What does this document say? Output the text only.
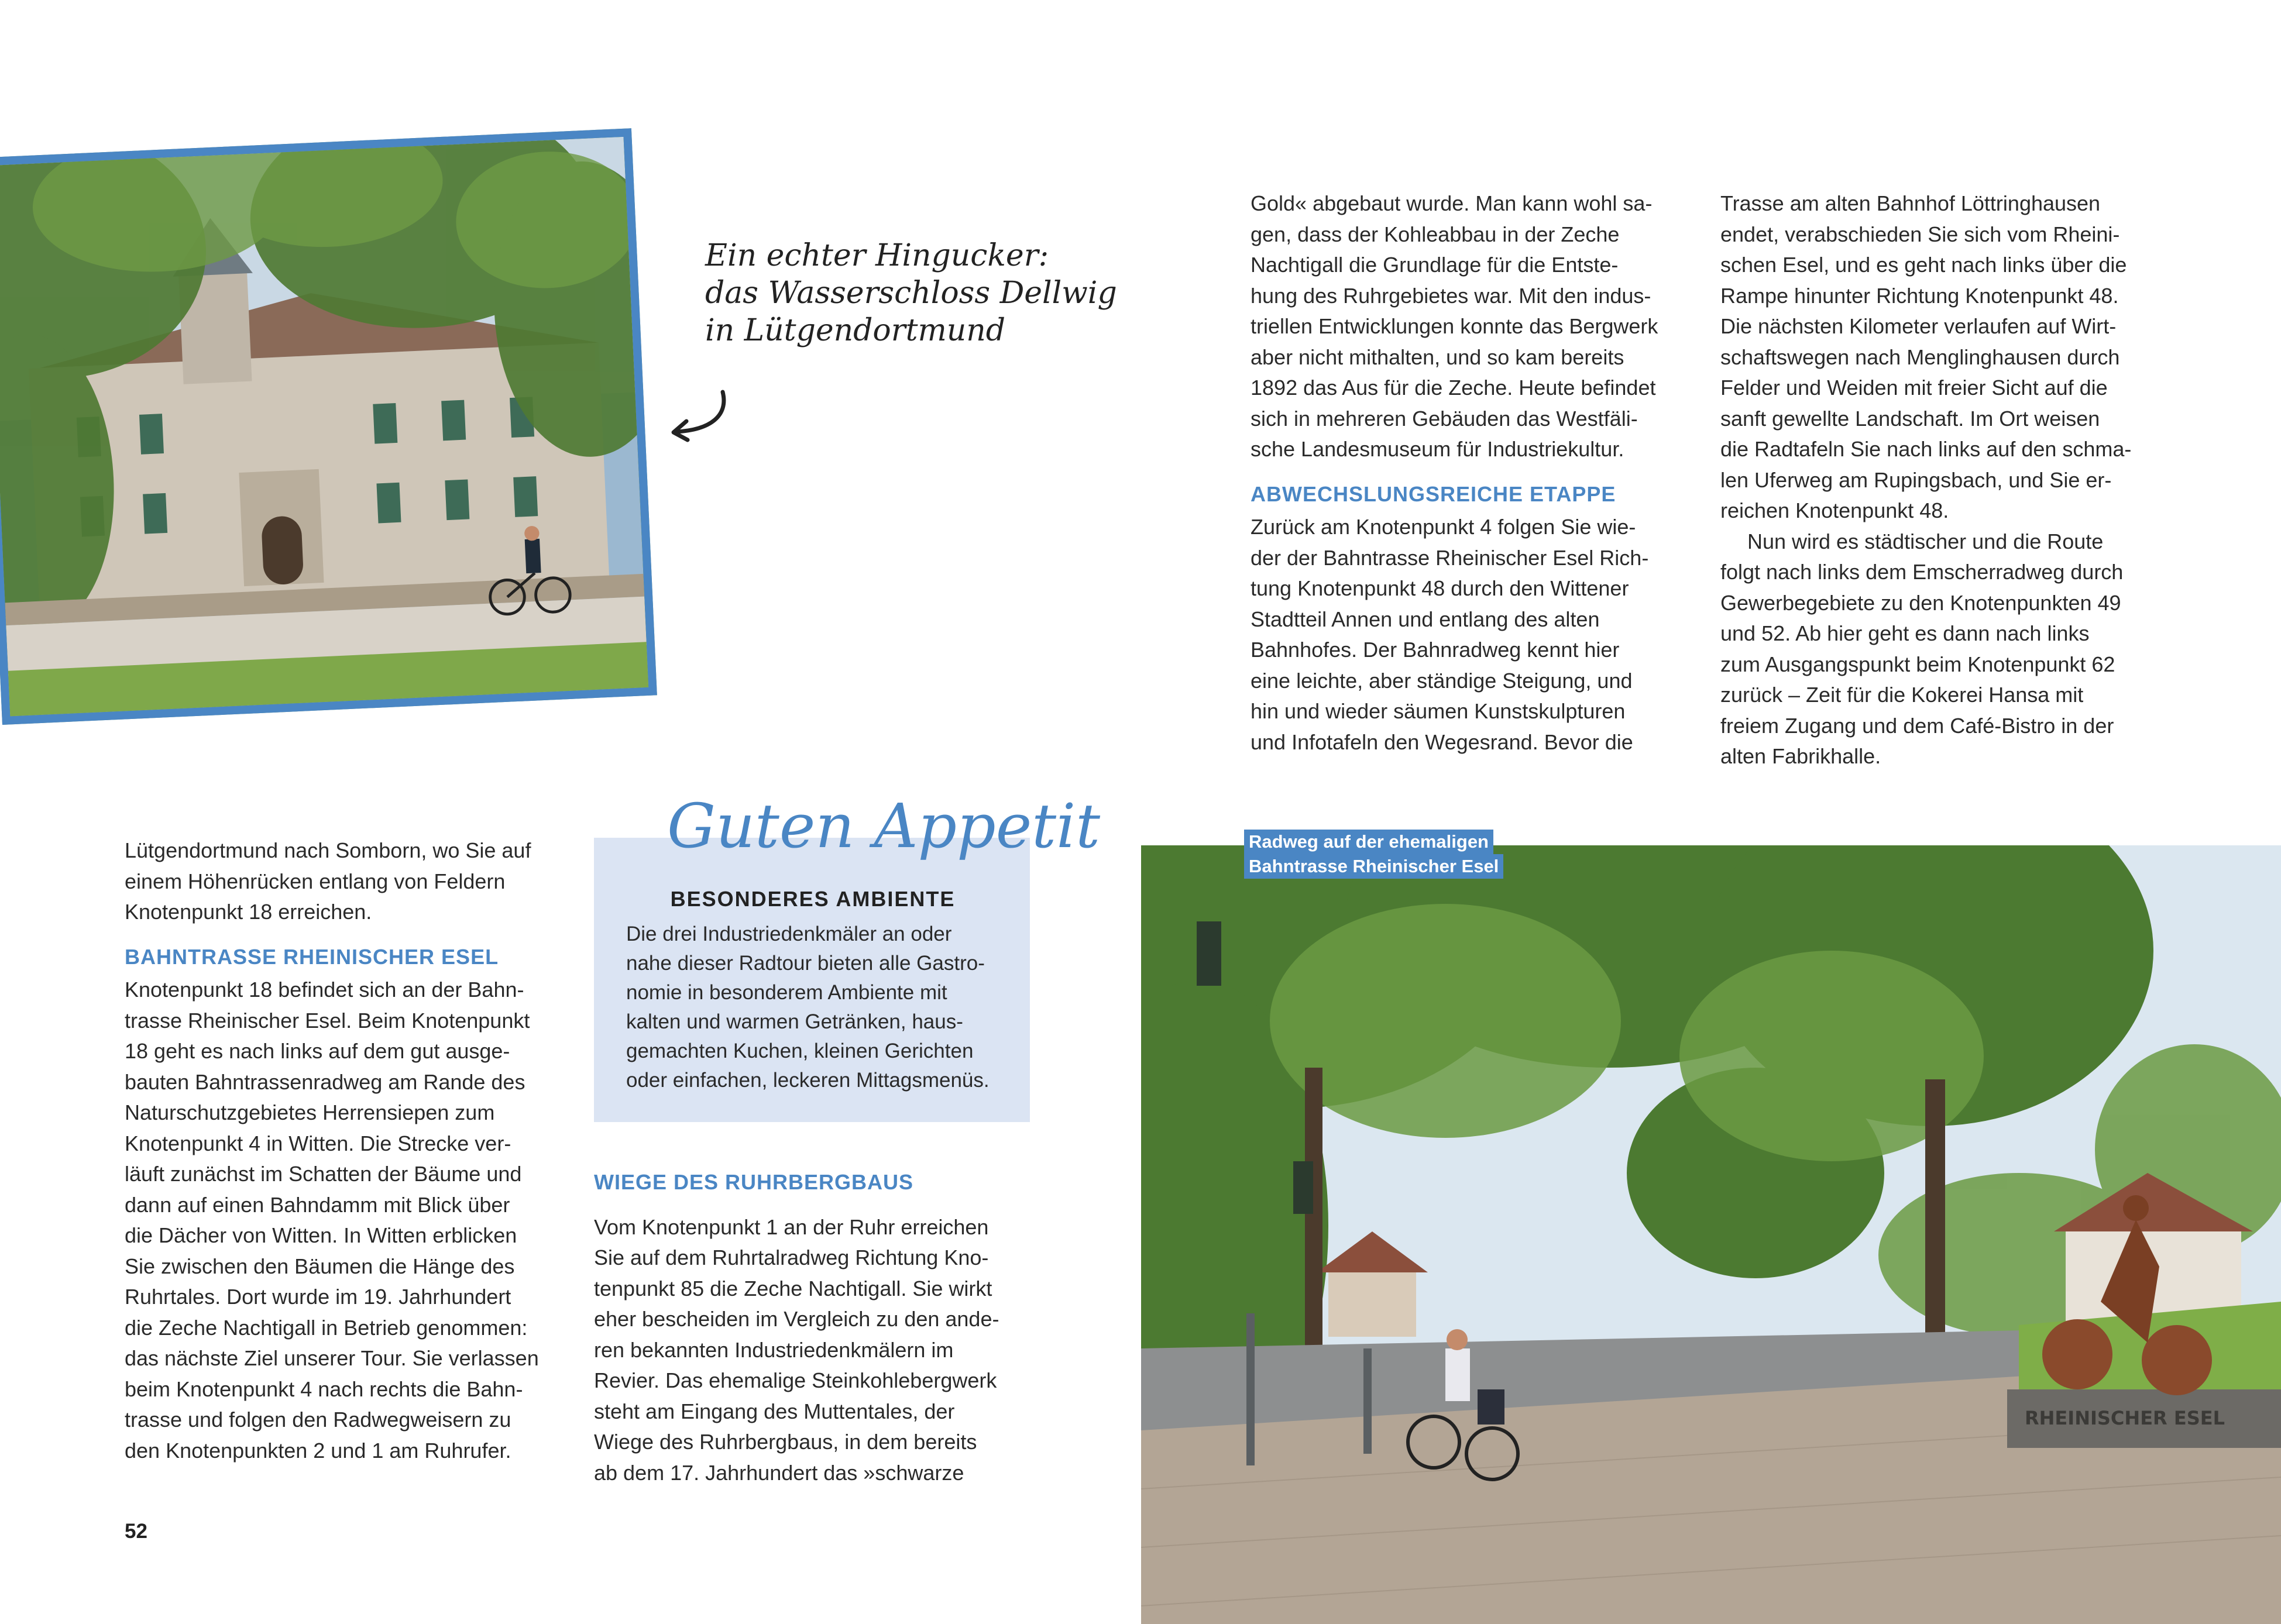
Ein echter Hingucker:
das Wasserschloss Dellwig
in Lütgendortmund

Lütgendortmund nach Somborn, wo Sie auf

einem Höhenrücken entlang von Feldern

Knotenpunkt 18 erreichen.

BAHNTRASSE RHEINISCHER ESEL

Knotenpunkt 18 befindet sich an der Bahn-

trasse Rheinischer Esel. Beim Knotenpunkt

18 geht es nach links auf dem gut ausge-

bauten Bahntrassenradweg am Rande des

Naturschutzgebietes Herrensiepen zum

Knotenpunkt 4 in Witten. Die Strecke ver-

läuft zunächst im Schatten der Bäume und

dann auf einen Bahndamm mit Blick über

die Dächer von Witten. In Witten erblicken

Sie zwischen den Bäumen die Hänge des

Ruhrtales. Dort wurde im 19. Jahrhundert

die Zeche Nachtigall in Betrieb genommen:

das nächste Ziel unserer Tour. Sie verlassen

beim Knotenpunkt 4 nach rechts die Bahn-

trasse und folgen den Radwegweisern zu

den Knotenpunkten 2 und 1 am Ruhrufer.

BESONDERES AMBIENTE

Die drei Industriedenkmäler an oder

nahe dieser Radtour bieten alle Gastro-

nomie in besonderem Ambiente mit

kalten und warmen Getränken, haus-

gemachten Kuchen, kleinen Gerichten

oder einfachen, leckeren Mittagsmenüs.

Guten Appetit

WIEGE DES RUHRBERGBAUS

Vom Knotenpunkt 1 an der Ruhr erreichen

Sie auf dem Ruhrtalradweg Richtung Kno-

tenpunkt 85 die Zeche Nachtigall. Sie wirkt

eher bescheiden im Vergleich zu den ande-

ren bekannten Industriedenkmälern im

Revier. Das ehemalige Steinkohlebergwerk

steht am Eingang des Muttentales, der

Wiege des Ruhrbergbaus, in dem bereits

ab dem 17. Jahrhundert das »schwarze

Gold« abgebaut wurde. Man kann wohl sa-

gen, dass der Kohleabbau in der Zeche

Nachtigall die Grundlage für die Entste-

hung des Ruhrgebietes war. Mit den indus-

triellen Entwicklungen konnte das Bergwerk

aber nicht mithalten, und so kam bereits

1892 das Aus für die Zeche. Heute befindet

sich in mehreren Gebäuden das Westfäli-

sche Landesmuseum für Industriekultur.

ABWECHSLUNGSREICHE ETAPPE

Zurück am Knotenpunkt 4 folgen Sie wie-

der der Bahntrasse Rheinischer Esel Rich-

tung Knotenpunkt 48 durch den Wittener

Stadtteil Annen und entlang des alten

Bahnhofes. Der Bahnradweg kennt hier

eine leichte, aber ständige Steigung, und

hin und wieder säumen Kunstskulpturen

und Infotafeln den Wegesrand. Bevor die

Trasse am alten Bahnhof Löttringhausen

endet, verabschieden Sie sich vom Rheini-

schen Esel, und es geht nach links über die

Rampe hinunter Richtung Knotenpunkt 48.

Die nächsten Kilometer verlaufen auf Wirt-

schaftswegen nach Menglinghausen durch

Felder und Weiden mit freier Sicht auf die

sanft gewellte Landschaft. Im Ort weisen

die Radtafeln Sie nach links auf den schma-

len Uferweg am Rupingsbach, und Sie er-

reichen Knotenpunkt 48.

Nun wird es städtischer und die Route

folgt nach links dem Emscherradweg durch

Gewerbegebiete zu den Knotenpunkten 49

und 52. Ab hier geht es dann nach links

zum Ausgangspunkt beim Knotenpunkt 62

zurück – Zeit für die Kokerei Hansa mit

freiem Zugang und dem Café-Bistro in der

alten Fabrikhalle.

52
RHEINISCHER ESEL
Radweg auf der ehemaligen
Bahntrasse Rheinischer Esel
